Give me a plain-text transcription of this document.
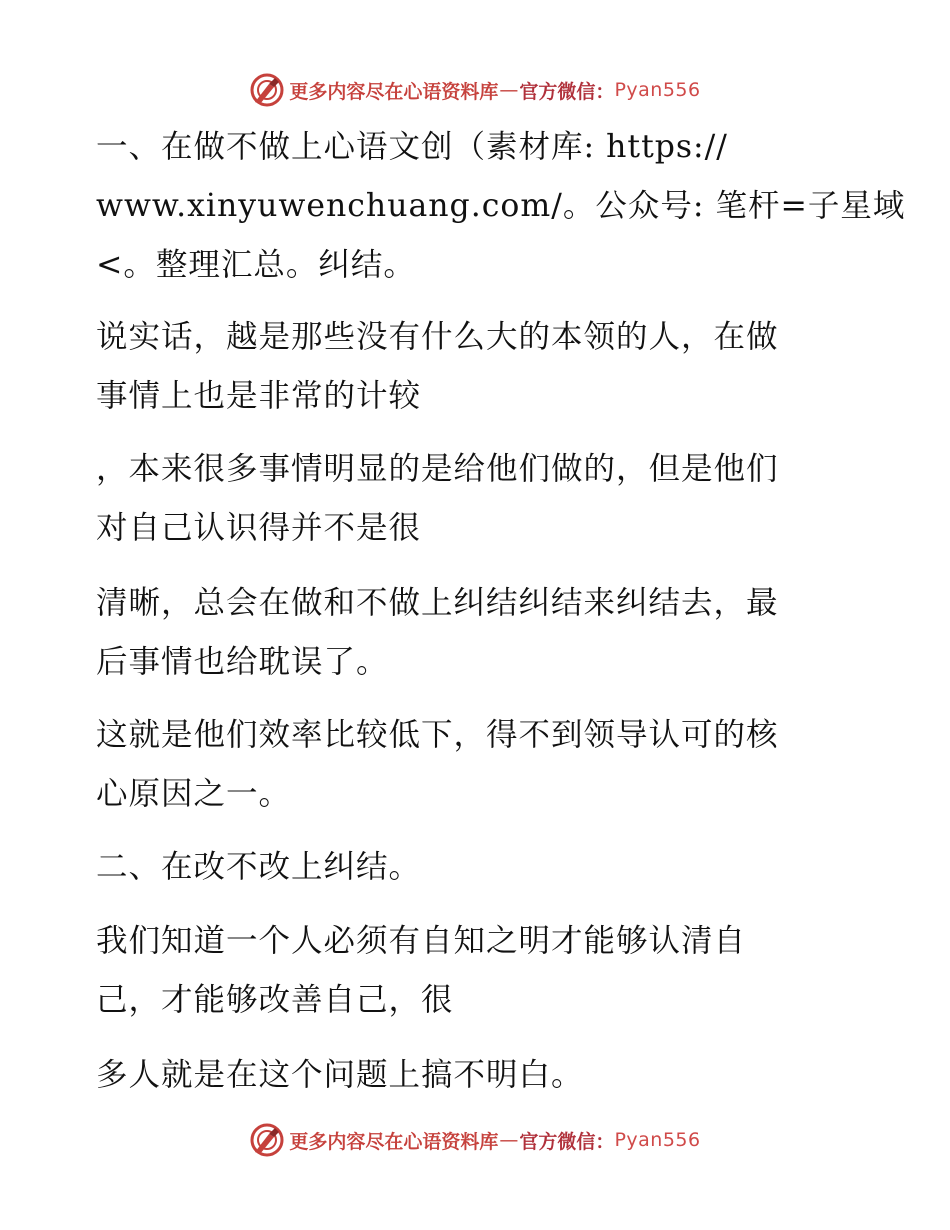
更多内容尽在心语资料库 — 官方微信： Pyan556
一、在做不做上心语文创（素材库: https://
www.xinyuwenchuang.com/。公众号: 笔杆=子星域
<。整理汇总。纠结。
说实话，越是那些没有什么大的本领的人，在做
事情上也是非常的计较
，本来很多事情明显的是给他们做的，但是他们
对自己认识得并不是很
清晰，总会在做和不做上纠结纠结来纠结去，最
后事情也给耽误了。
这就是他们效率比较低下，得不到领导认可的核
心原因之一。
二、在改不改上纠结。
我们知道一个人必须有自知之明才能够认清自
己，才能够改善自己，很
多人就是在这个问题上搞不明白。
更多内容尽在心语资料库 — 官方微信： Pyan556
